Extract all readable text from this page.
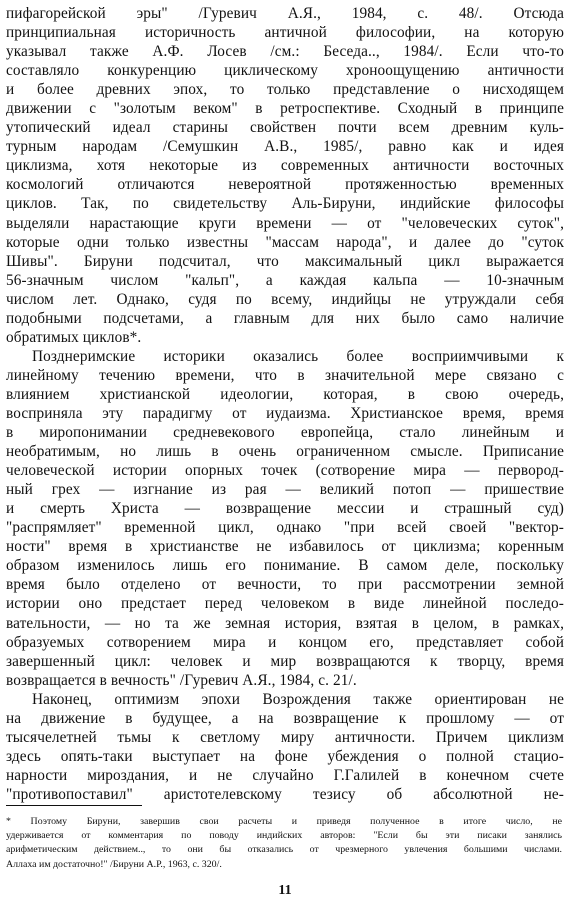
пифагорейской эры" /Гуревич А.Я., 1984, с. 48/. Отсюда
принципиальная историчность античной философии, на которую
указывал также А.Ф. Лосев /см.: Беседа.., 1984/. Если что-то
составляло конкуренцию циклическому хроноощущению античности
и более древних эпох, то только представление о нисходящем
движении с "золотым веком" в ретроспективе. Сходный в принципе
утопический идеал старины свойствен почти всем древним куль-
турным народам /Семушкин А.В., 1985/, равно как и идея
циклизма, хотя некоторые из современных античности восточных
космологий отличаются невероятной протяженностью временных
циклов. Так, по свидетельству Аль-Бируни, индийские философы
выделяли нарастающие круги времени — от "человеческих суток",
которые одни только известны "массам народа", и далее до "суток
Шивы". Бируни подсчитал, что максимальный цикл выражается
56-значным числом "кальп", а каждая кальпа — 10-значным
числом лет. Однако, судя по всему, индийцы не утруждали себя
подобными подсчетами, а главным для них было само наличие
обратимых циклов*.
Позднеримские историки оказались более восприимчивыми к
линейному течению времени, что в значительной мере связано с
влиянием христианской идеологии, которая, в свою очередь,
восприняла эту парадигму от иудаизма. Христианское время, время
в миропонимании средневекового европейца, стало линейным и
необратимым, но лишь в очень ограниченном смысле. Приписание
человеческой истории опорных точек (сотворение мира — первород-
ный грех — изгнание из рая — великий потоп — пришествие
и смерть Христа — возвращение мессии и страшный суд)
"распрямляет" временной цикл, однако "при всей своей "вектор-
ности" время в христианстве не избавилось от циклизма; коренным
образом изменилось лишь его понимание. В самом деле, поскольку
время было отделено от вечности, то при рассмотрении земной
истории оно предстает перед человеком в виде линейной последо-
вательности, — но та же земная история, взятая в целом, в рамках,
образуемых сотворением мира и концом его, представляет собой
завершенный цикл: человек и мир возвращаются к творцу, время
возвращается в вечность" /Гуревич А.Я., 1984, с. 21/.
Наконец, оптимизм эпохи Возрождения также ориентирован не
на движение в будущее, а на возвращение к прошлому — от
тысячелетней тьмы к светлому миру античности. Причем циклизм
здесь опять-таки выступает на фоне убеждения о полной стацио-
нарности мироздания, и не случайно Г.Галилей в конечном счете
"противопоставил" аристотелевскому тезису об абсолютной не-
* Поэтому Бируни, завершив свои расчеты и приведя полученное в итоге число, не
удерживается от комментария по поводу индийских авторов: "Если бы эти писаки занялись
арифметическим действием.., то они бы отказались от чрезмерного увлечения большими числами.
Аллаха им достаточно!" /Бируни А.Р., 1963, с. 320/.
11
